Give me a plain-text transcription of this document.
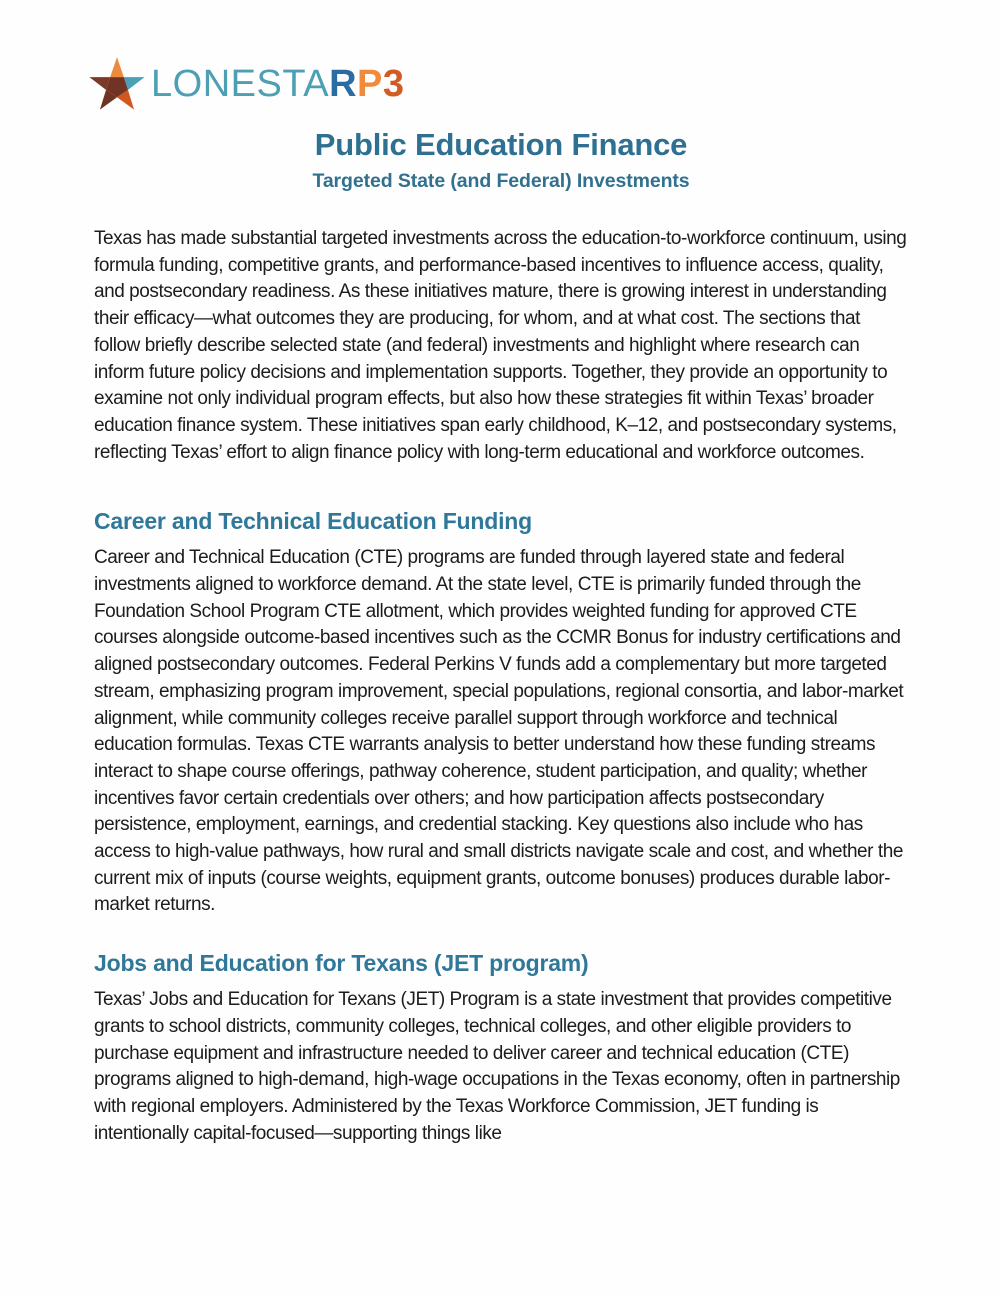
LONESTARP3
Public Education Finance
Targeted State (and Federal) Investments

Texas has made substantial targeted investments across the education-to-workforce continuum, using formula funding, competitive grants, and performance-based incentives to influence access, quality, and postsecondary readiness. As these initiatives mature, there is growing interest in understanding their efficacy—what outcomes they are producing, for whom, and at what cost. The sections that follow briefly describe selected state (and federal) investments and highlight where research can inform future policy decisions and implementation supports. Together, they provide an opportunity to examine not only individual program effects, but also how these strategies fit within Texas’ broader education finance system. These initiatives span early childhood, K–12, and postsecondary systems, reflecting Texas’ effort to align finance policy with long-term educational and workforce outcomes.

Career and Technical Education Funding

Career and Technical Education (CTE) programs are funded through layered state and federal investments aligned to workforce demand. At the state level, CTE is primarily funded through the Foundation School Program CTE allotment, which provides weighted funding for approved CTE courses alongside outcome-based incentives such as the CCMR Bonus for industry certifications and aligned postsecondary outcomes. Federal Perkins V funds add a complementary but more targeted stream, emphasizing program improvement, special populations, regional consortia, and labor-market alignment, while community colleges receive parallel support through workforce and technical education formulas. Texas CTE warrants analysis to better understand how these funding streams interact to shape course offerings, pathway coherence, student participation, and quality; whether incentives favor certain credentials over others; and how participation affects postsecondary persistence, employment, earnings, and credential stacking. Key questions also include who has access to high-value pathways, how rural and small districts navigate scale and cost, and whether the current mix of inputs (course weights, equipment grants, outcome bonuses) produces durable labor-market returns.

Jobs and Education for Texans (JET program)

Texas’ Jobs and Education for Texans (JET) Program is a state investment that provides competitive grants to school districts, community colleges, technical colleges, and other eligible providers to purchase equipment and infrastructure needed to deliver career and technical education (CTE) programs aligned to high-demand, high-wage occupations in the Texas economy, often in partnership with regional employers. Administered by the Texas Workforce Commission, JET funding is intentionally capital-focused—supporting things like
